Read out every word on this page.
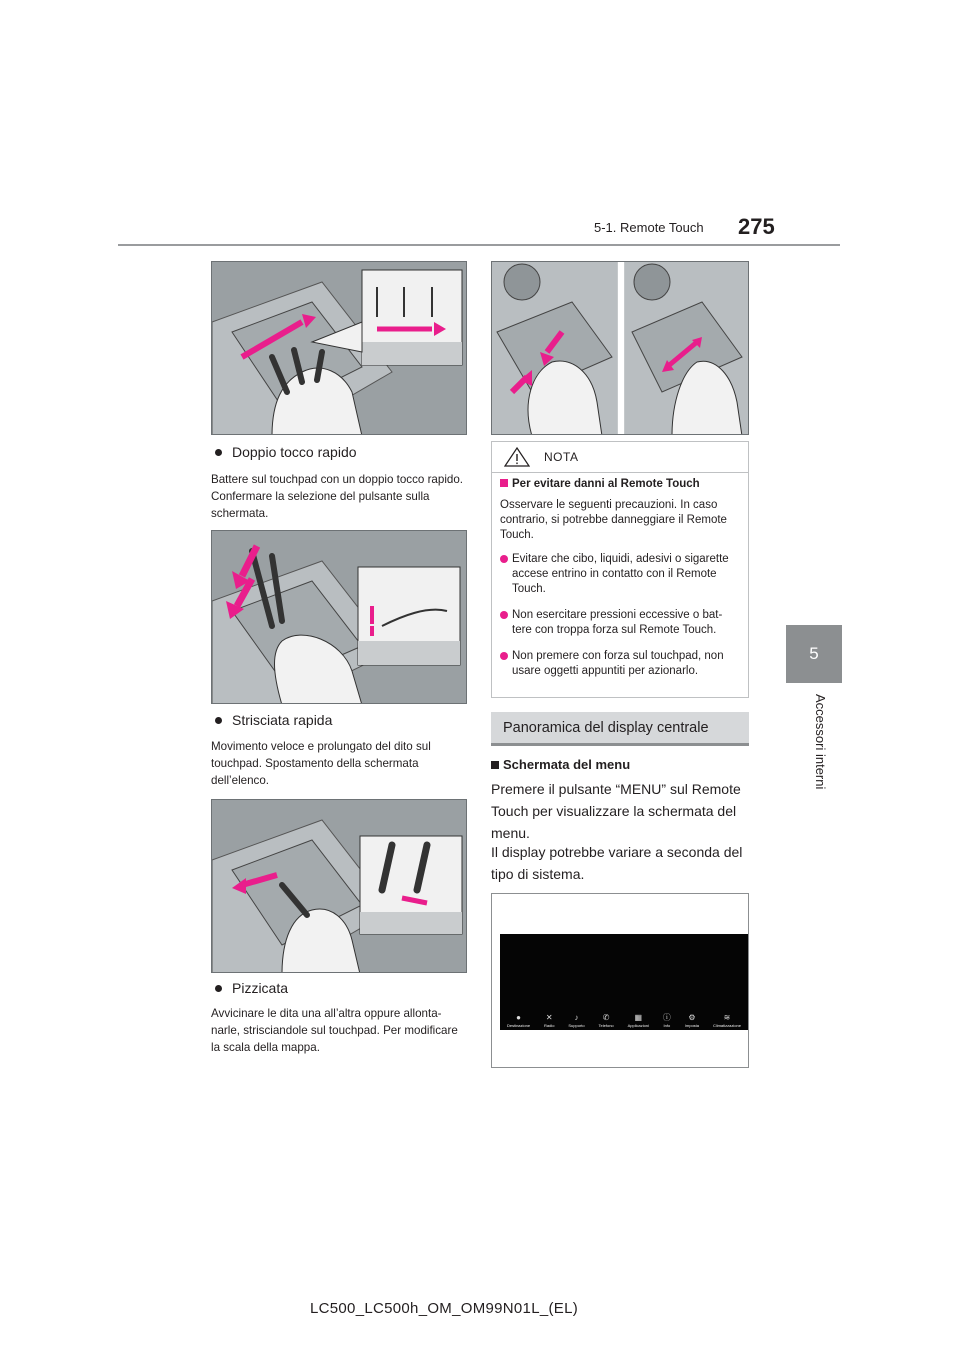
5-1. Remote Touch 275
5
Accessori interni
Doppio tocco rapido
Battere sul touchpad con un doppio tocco rapido. Confermare la selezione del pulsante sulla schermata.
Strisciata rapida
Movimento veloce e prolungato del dito sul touchpad. Spostamento della schermata dell’elenco.
Pizzicata
Avvicinare le dita una all’altra oppure allonta-narle, strisciandole sul touchpad. Per modificare la scala della mappa.
NOTA

Per evitare danni al Remote Touch

Osservare le seguenti precauzioni. In caso contrario, si potrebbe danneggiare il Remote Touch.

Evitare che cibo, liquidi, adesivi o sigarette accese entrino in contatto con il Remote Touch.
Non esercitare pressioni eccessive o bat-tere con troppa forza sul Remote Touch.
Non premere con forza sul touchpad, non usare oggetti appuntiti per azionarlo.
Panoramica del display centrale
Schermata del menu
Premere il pulsante “MENU” sul Remote Touch per visualizzare la schermata del menu.
Il display potrebbe variare a seconda del tipo di sistema.
●
Destinazione
✕
Radio
♪
Supporto
✆
Telefono
▦
Applicazioni
ⓘ
Info
⚙
Imposta
≋
Climatizzazione
LC500_LC500h_OM_OM99N01L_(EL)
